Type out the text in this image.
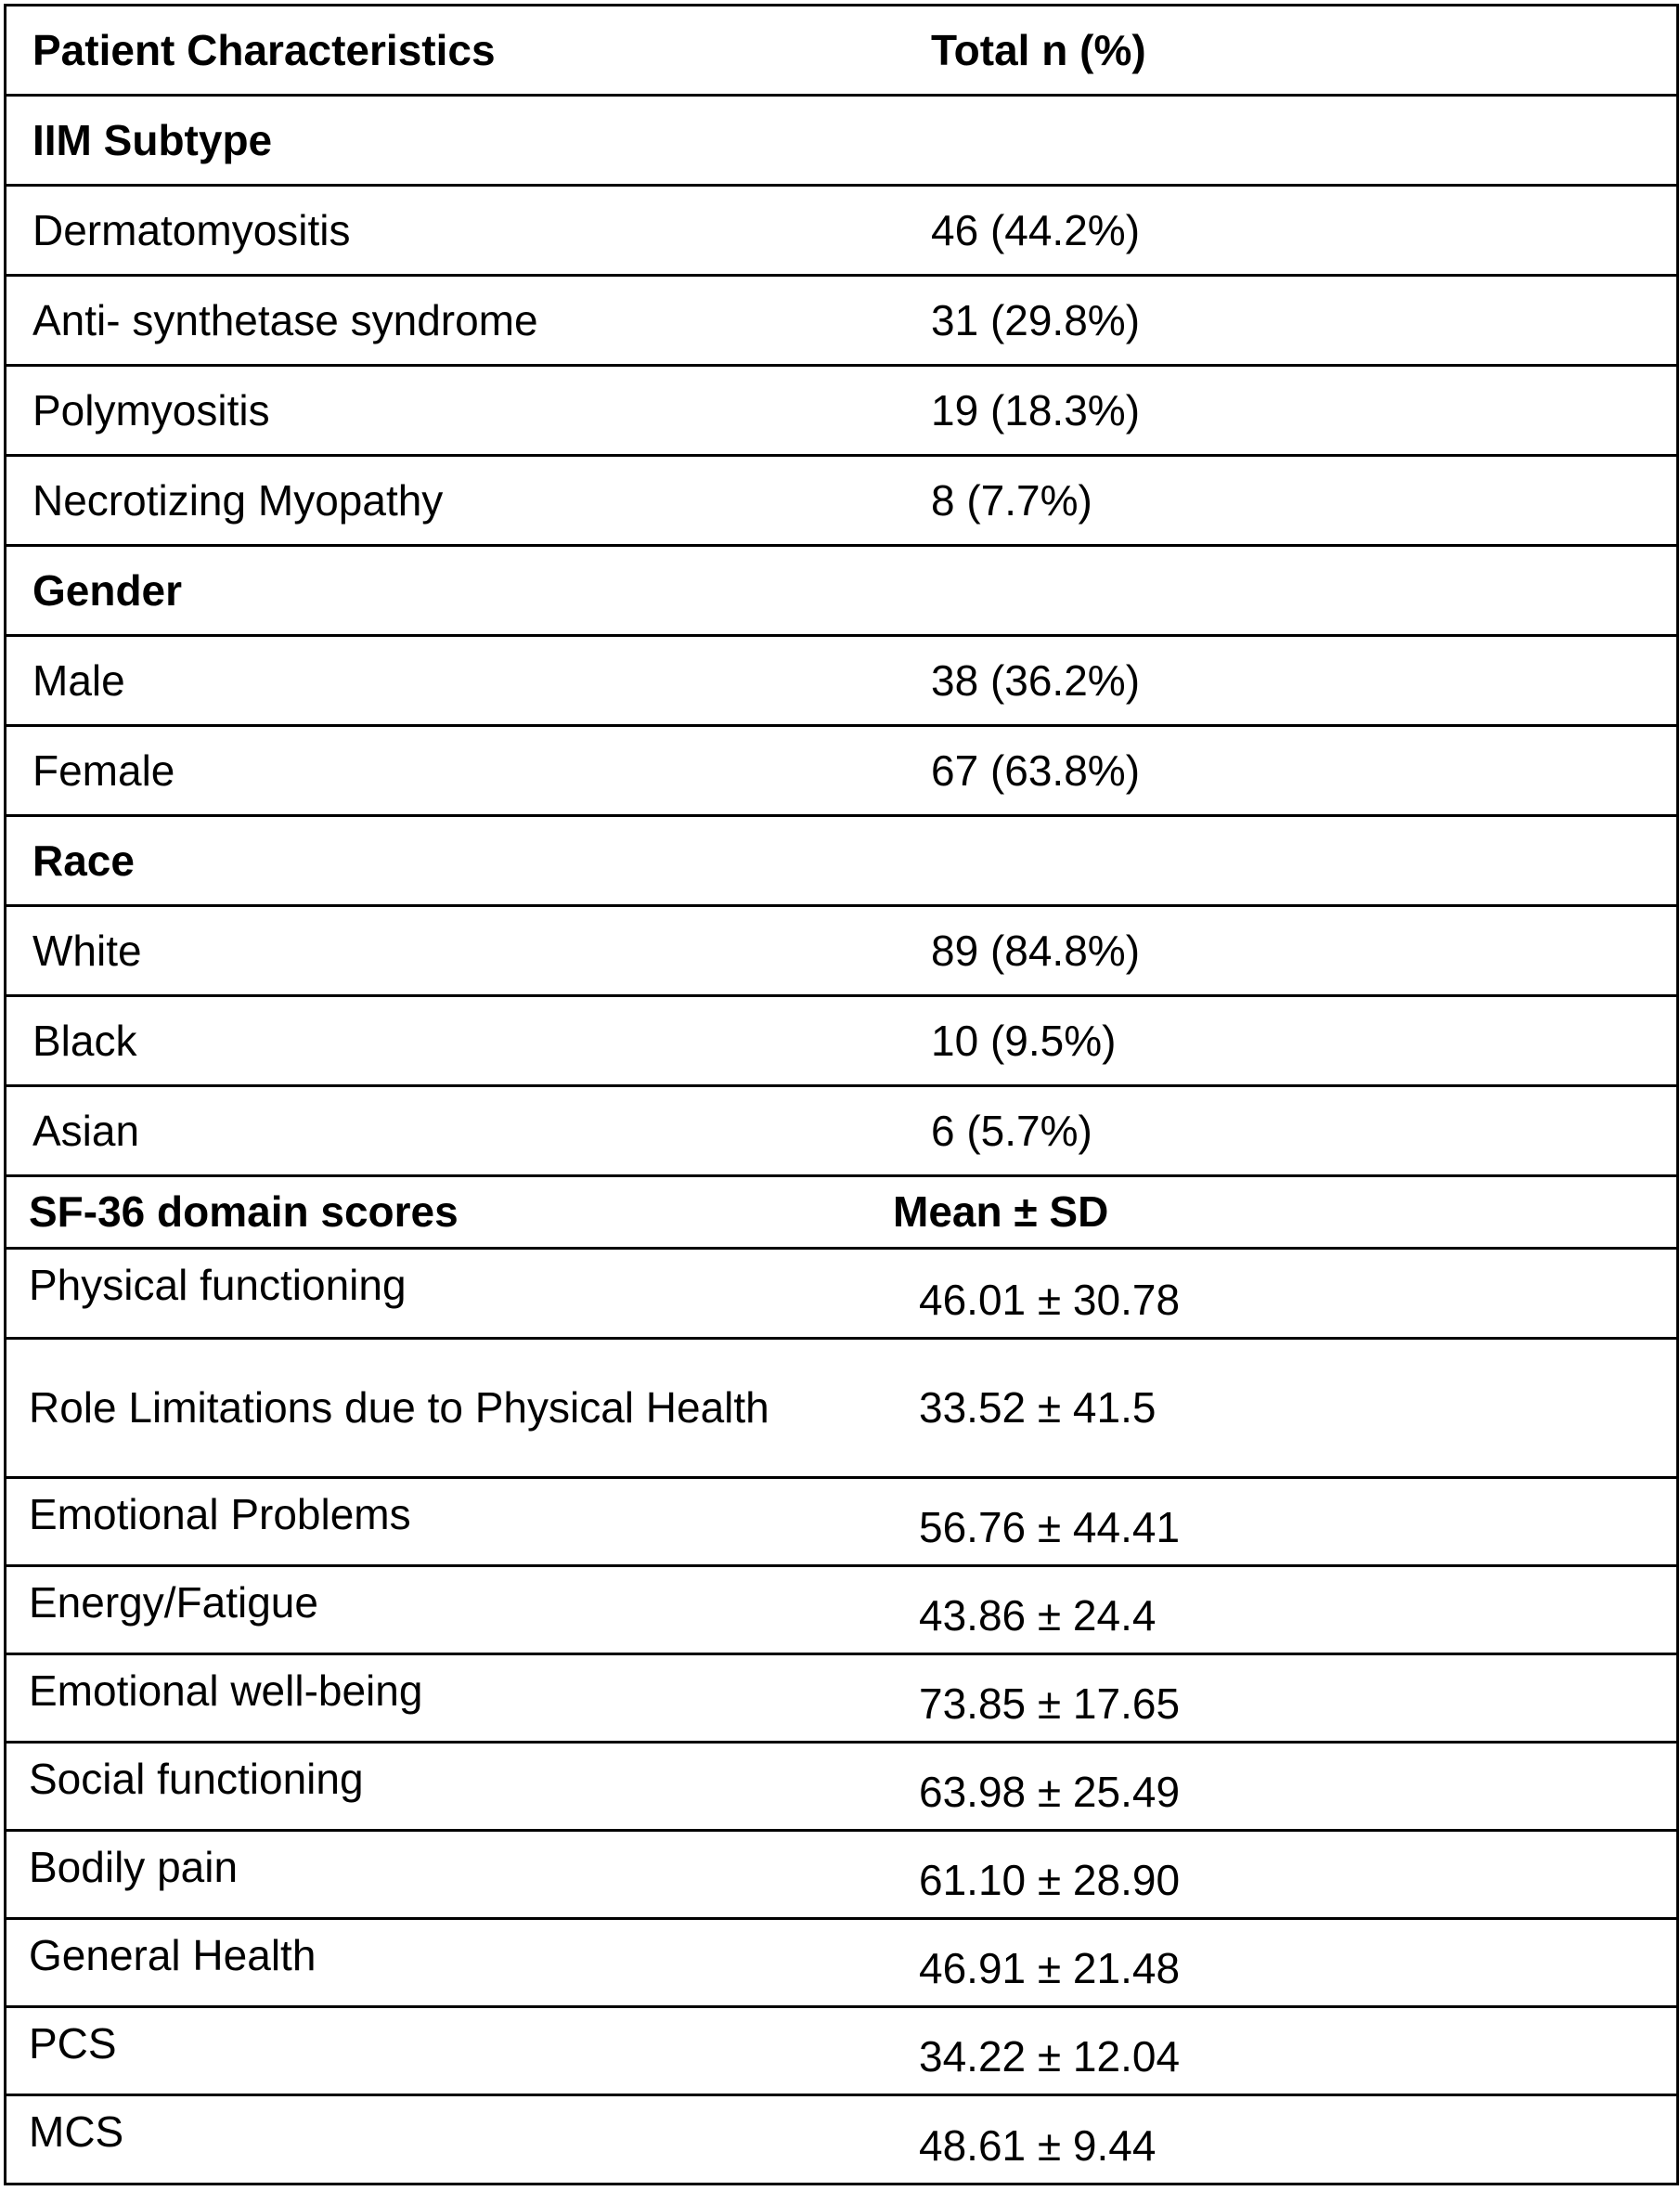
Patient Characteristics	Total n (%)
IIM Subtype
Dermatomyositis	46 (44.2%)
Anti- synthetase syndrome	31 (29.8%)
Polymyositis	19 (18.3%)
Necrotizing Myopathy	8 (7.7%)
Gender
Male	38 (36.2%)
Female	67 (63.8%)
Race
White	89 (84.8%)
Black	10 (9.5%)
Asian	6 (5.7%)
SF-36 domain scores	Mean ± SD
Physical functioning	46.01 ± 30.78
Role Limitations due to Physical Health	33.52 ± 41.5
Emotional Problems	56.76 ± 44.41
Energy/Fatigue	43.86 ± 24.4
Emotional well-being	73.85 ± 17.65
Social functioning	63.98 ± 25.49
Bodily pain	61.10 ± 28.90
General Health	46.91 ± 21.48
PCS	34.22 ± 12.04
MCS	48.61 ± 9.44
